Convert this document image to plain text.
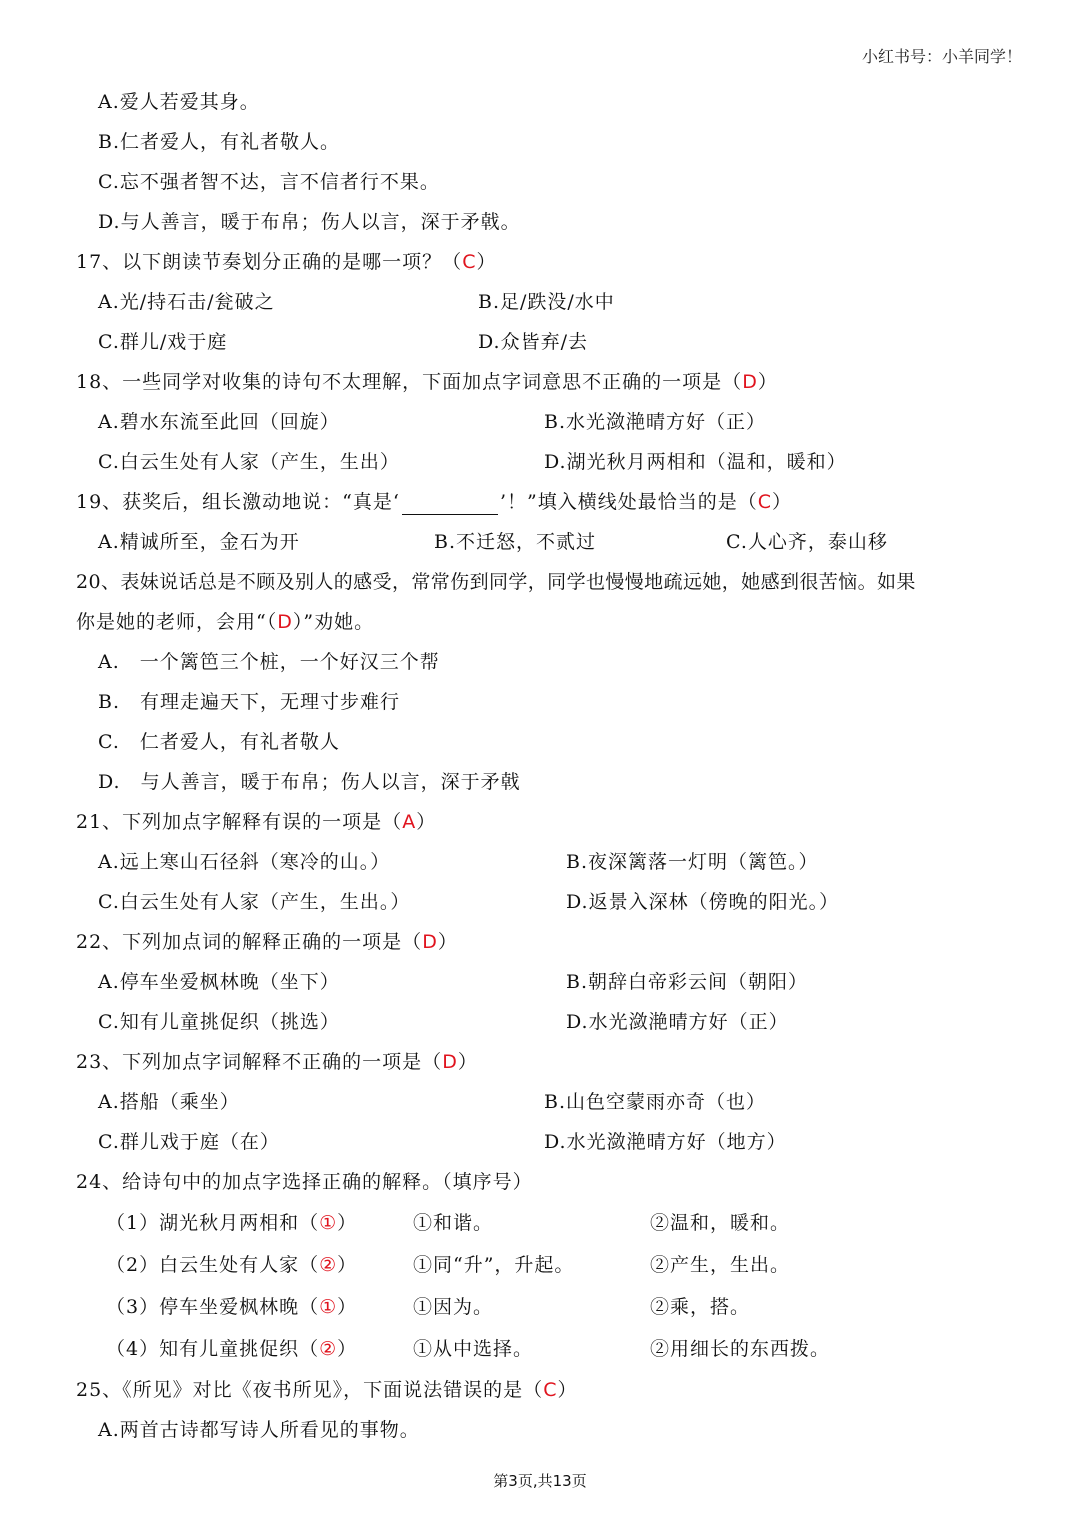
小红书号：小羊同学！
A.爱人若爱其身。
B.仁者爱人，有礼者敬人。
C.忘不强者智不达，言不信者行不果。
D.与人善言，暖于布帛；伤人以言，深于矛戟。
17、以下朗读节奏划分正确的是哪一项？（C）
A.光/持石击/瓮破之	B.足/跌没/水中
C.群儿/戏于庭	D.众皆弃/去
18、一些同学对收集的诗句不太理解，下面加点字词意思不正确的一项是（D）
A.碧水东流至此回（回旋）	B.水光潋滟晴方好（正）
C.白云生处有人家（产生，生出）	D.湖光秋月两相和（温和，暖和）
19、获奖后，组长激动地说：“真是‘	’！”填入横线处最恰当的是（C）
A.精诚所至，金石为开	B.不迁怒，不贰过	C.人心齐，泰山移
20、表妹说话总是不顾及别人的感受，常常伤到同学，同学也慢慢地疏远她，她感到很苦恼。如果
你是她的老师，会用“（D）”劝她。
A.　一个篱笆三个桩，一个好汉三个帮
B.　有理走遍天下，无理寸步难行
C.　仁者爱人，有礼者敬人
D.　与人善言，暖于布帛；伤人以言，深于矛戟
21、下列加点字解释有误的一项是（A）
A.远上寒山石径斜（寒冷的山。）	B.夜深篱落一灯明（篱笆。）
C.白云生处有人家（产生，生出。）	D.返景入深林（傍晚的阳光。）
22、下列加点词的解释正确的一项是（D）
A.停车坐爱枫林晚（坐下）	B.朝辞白帝彩云间（朝阳）
C.知有儿童挑促织（挑选）	D.水光潋滟晴方好（正）
23、下列加点字词解释不正确的一项是（D）
A.搭船（乘坐）	B.山色空蒙雨亦奇（也）
C.群儿戏于庭（在）	D.水光潋滟晴方好（地方）
24、给诗句中的加点字选择正确的解释。（填序号）
（1）湖光秋月两相和（①）	①和谐。	②温和，暖和。
（2）白云生处有人家（②）	①同“升”，升起。	②产生，生出。
（3）停车坐爱枫林晚（①）	①因为。	②乘，搭。
（4）知有儿童挑促织（②）	①从中选择。	②用细长的东西拨。
25、《所见》对比《夜书所见》，下面说法错误的是（C）
A.两首古诗都写诗人所看见的事物。
第3页,共13页
